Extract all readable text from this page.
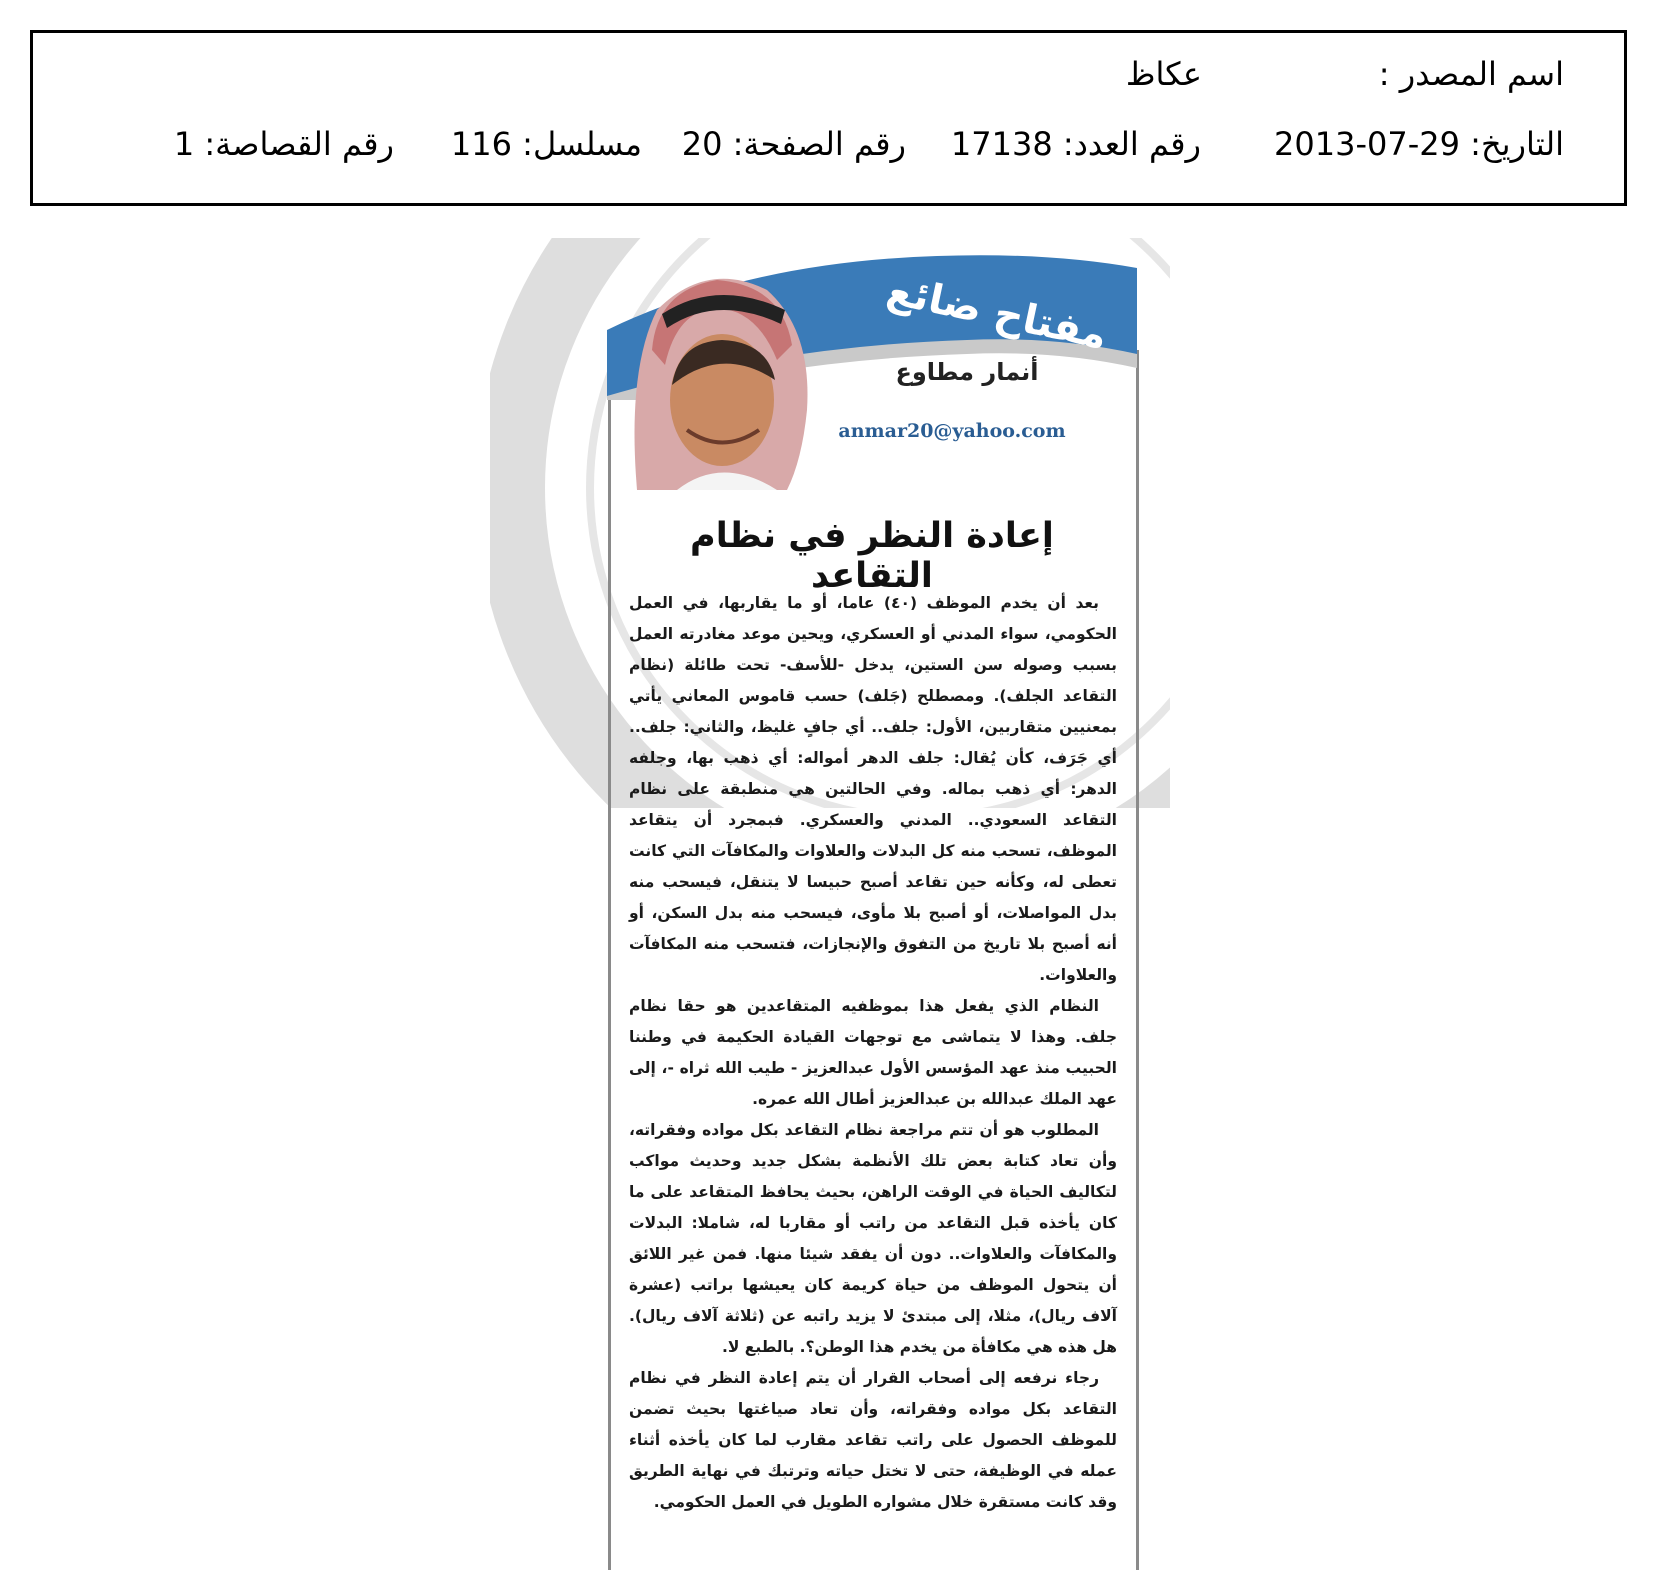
اسم المصدر :
عكاظ
التاريخ: 29-07-2013
رقم العدد: 17138
رقم الصفحة: 20
مسلسل: 116
رقم القصاصة: 1
مفتاح ضائع
أنمار مطاوع
anmar20@yahoo.com
إعادة النظر في نظام التقاعد

بعد أن يخدم الموظف (٤٠) عاما، أو ما يقاربها، في العمل الحكومي، سواء المدني أو العسكري، ويحين موعد مغادرته العمل بسبب وصوله سن الستين، يدخل -للأسف- تحت طائلة (نظام التقاعد الجلف). ومصطلح (جَلف) حسب قاموس المعاني يأتي بمعنيين متقاربين، الأول: جلف.. أي جافٍ غليظ، والثاني: جلف.. أي جَرَف، كأن يُقال: جلف الدهر أمواله: أي ذهب بها، وجلفه الدهر: أي ذهب بماله. وفي الحالتين هي منطبقة على نظام التقاعد السعودي.. المدني والعسكري. فبمجرد أن يتقاعد الموظف، تسحب منه كل البدلات والعلاوات والمكافآت التي كانت تعطى له، وكأنه حين تقاعد أصبح حبيسا لا يتنقل، فيسحب منه بدل المواصلات، أو أصبح بلا مأوى، فيسحب منه بدل السكن، أو أنه أصبح بلا تاريخ من التفوق والإنجازات، فتسحب منه المكافآت والعلاوات.

النظام الذي يفعل هذا بموظفيه المتقاعدين هو حقا نظام جلف. وهذا لا يتماشى مع توجهات القيادة الحكيمة في وطننا الحبيب منذ عهد المؤسس الأول عبدالعزيز - طيب الله ثراه -، إلى عهد الملك عبدالله بن عبدالعزيز أطال الله عمره.

المطلوب هو أن تتم مراجعة نظام التقاعد بكل مواده وفقراته، وأن تعاد كتابة بعض تلك الأنظمة بشكل جديد وحديث مواكب لتكاليف الحياة في الوقت الراهن، بحيث يحافظ المتقاعد على ما كان يأخذه قبل التقاعد من راتب أو مقاربا له، شاملا: البدلات والمكافآت والعلاوات.. دون أن يفقد شيئا منها. فمن غير اللائق أن يتحول الموظف من حياة كريمة كان يعيشها براتب (عشرة آلاف ريال)، مثلا، إلى مبتدئ لا يزيد راتبه عن (ثلاثة آلاف ريال). هل هذه هي مكافأة من يخدم هذا الوطن؟. بالطبع لا.

رجاء نرفعه إلى أصحاب القرار أن يتم إعادة النظر في نظام التقاعد بكل مواده وفقراته، وأن تعاد صياغتها بحيث تضمن للموظف الحصول على راتب تقاعد مقارب لما كان يأخذه أثناء عمله في الوظيفة، حتى لا تختل حياته وترتبك في نهاية الطريق وقد كانت مستقرة خلال مشواره الطويل في العمل الحكومي.
